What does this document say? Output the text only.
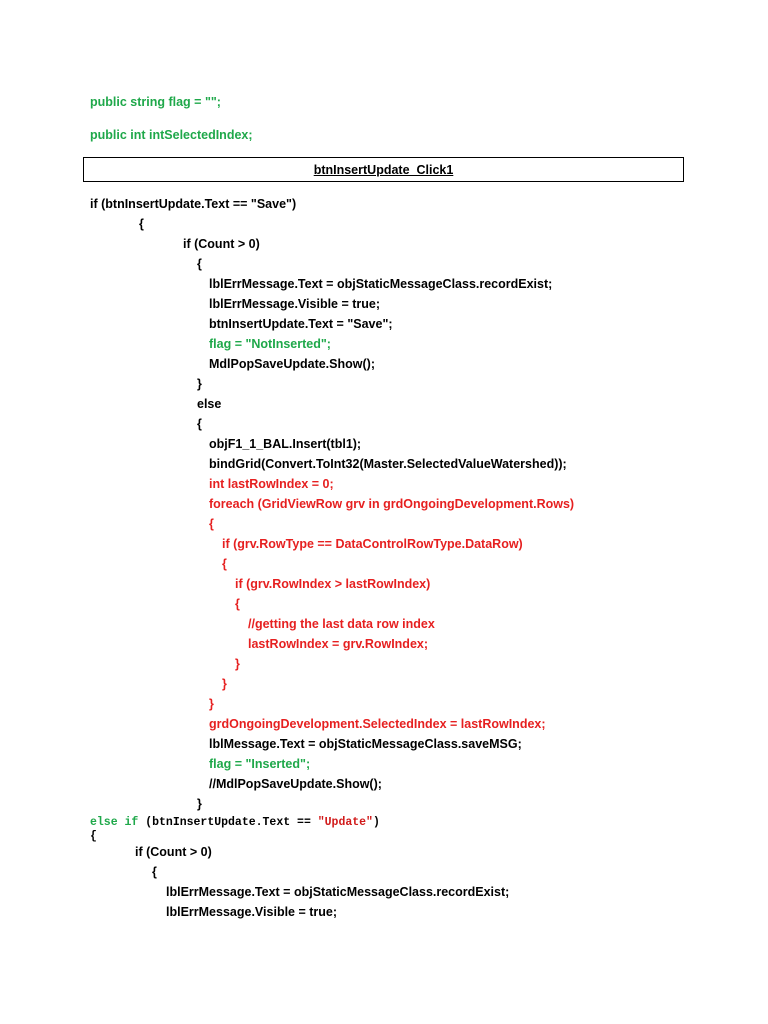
public string flag = "";
public int intSelectedIndex;
btnInsertUpdate_Click1
if (btnInsertUpdate.Text == "Save")
{
if (Count > 0)
{
lblErrMessage.Text = objStaticMessageClass.recordExist;
lblErrMessage.Visible = true;
btnInsertUpdate.Text = "Save";
flag = "NotInserted";
MdlPopSaveUpdate.Show();
}
else
{
objF1_1_BAL.Insert(tbl1);
bindGrid(Convert.ToInt32(Master.SelectedValueWatershed));
int lastRowIndex = 0;
foreach (GridViewRow grv in grdOngoingDevelopment.Rows)
{
if (grv.RowType == DataControlRowType.DataRow)
{
if (grv.RowIndex > lastRowIndex)
{
//getting the last data row index
lastRowIndex = grv.RowIndex;
}
}
}
grdOngoingDevelopment.SelectedIndex = lastRowIndex;
lblMessage.Text = objStaticMessageClass.saveMSG;
flag = "Inserted";
//MdlPopSaveUpdate.Show();
}
else if (btnInsertUpdate.Text == "Update")
{
if (Count > 0)
{
lblErrMessage.Text = objStaticMessageClass.recordExist;
lblErrMessage.Visible = true;
